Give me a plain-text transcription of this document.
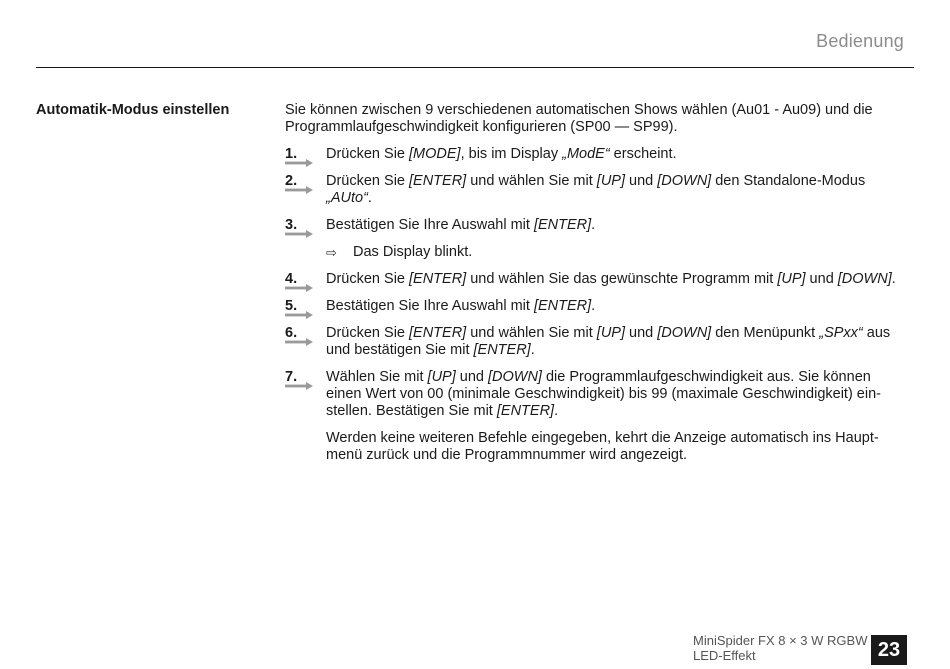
Bedienung
Automatik-Modus einstellen	Sie können zwischen 9 verschiedenen automatischen Shows wählen (Au01 - Au09) und die Programmlaufgeschwindigkeit konfigurieren (SP00 — SP99).

1.	Drücken Sie [MODE], bis im Display „ModE“ erscheint.
2.	Drücken Sie [ENTER] und wählen Sie mit [UP] und [DOWN] den Standalone-Modus „AUto“.
3.	Bestätigen Sie Ihre Auswahl mit [ENTER].
⇨	Das Display blinkt.
4.	Drücken Sie [ENTER] und wählen Sie das gewünschte Programm mit [UP] und [DOWN].
5.	Bestätigen Sie Ihre Auswahl mit [ENTER].
6.	Drücken Sie [ENTER] und wählen Sie mit [UP] und [DOWN] den Menüpunkt „SPxx“ aus und bestätigen Sie mit [ENTER].
7.	Wählen Sie mit [UP] und [DOWN] die Programmlaufgeschwindigkeit aus. Sie können einen Wert von 00 (minimale Geschwindigkeit) bis 99 (maximale Geschwindigkeit) einstellen. Bestätigen Sie mit [ENTER].

Werden keine weiteren Befehle eingegeben, kehrt die Anzeige automatisch ins Hauptmenü zurück und die Programmnummer wird angezeigt.

MiniSpider FX 8 × 3 W RGBW
LED-Effekt	23
